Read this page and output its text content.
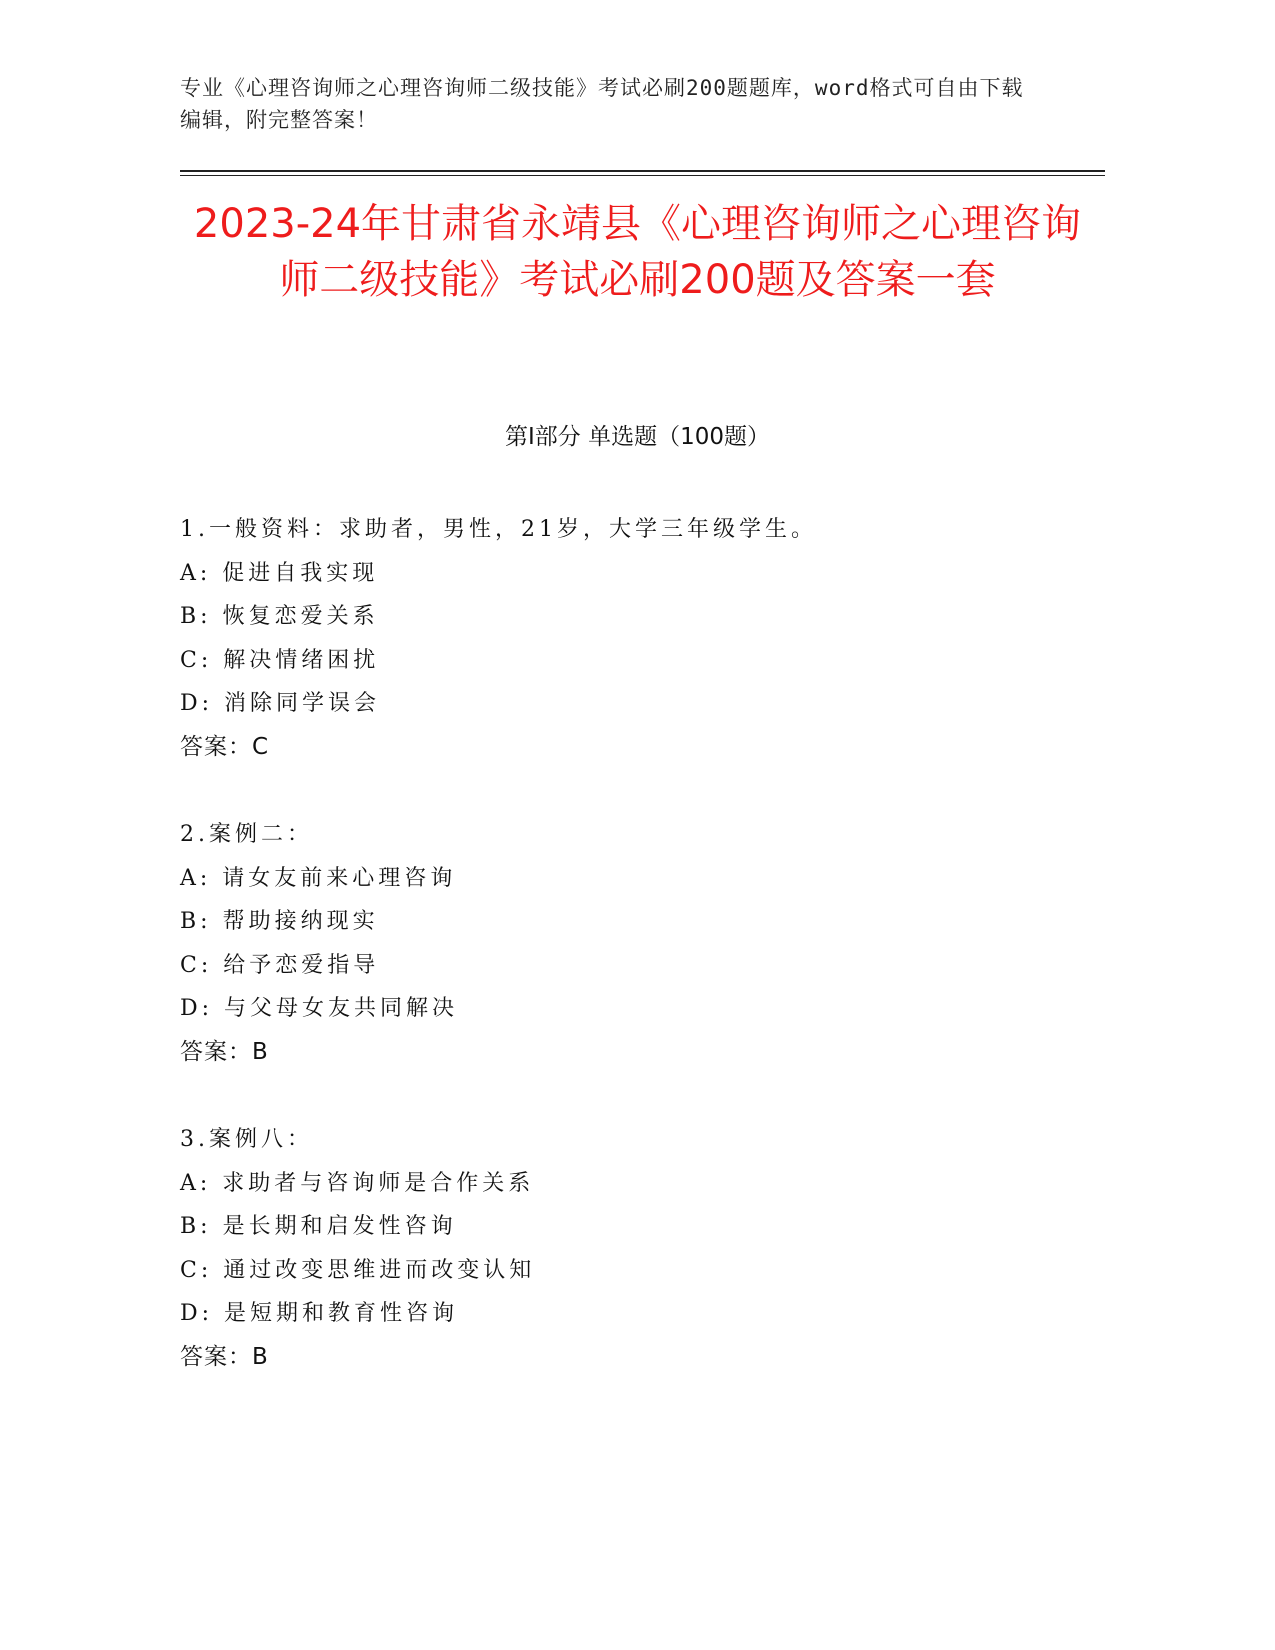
专业《心理咨询师之心理咨询师二级技能》考试必刷200题题库，word格式可自由下载编辑，附完整答案！
2023-24年甘肃省永靖县《心理咨询师之心理咨询师二级技能》考试必刷200题及答案一套
第Ⅰ部分 单选题（100题）
1.一般资料：求助者，男性，21岁，大学三年级学生。
A: 促进自我实现
B: 恢复恋爱关系
C: 解决情绪困扰
D: 消除同学误会
答案：C
2.案例二：
A: 请女友前来心理咨询
B: 帮助接纳现实
C: 给予恋爱指导
D: 与父母女友共同解决
答案：B
3.案例八：
A: 求助者与咨询师是合作关系
B: 是长期和启发性咨询
C: 通过改变思维进而改变认知
D: 是短期和教育性咨询
答案：B
